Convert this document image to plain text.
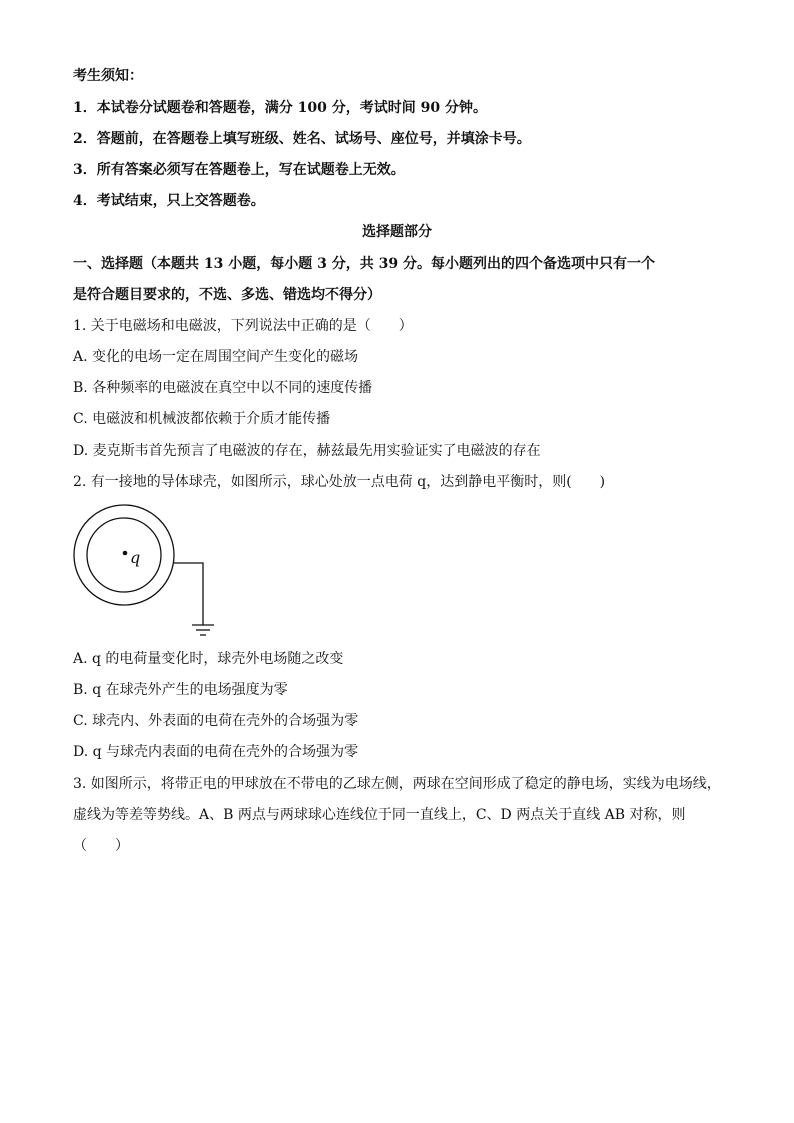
考生须知：
1．本试卷分试题卷和答题卷，满分 100 分，考试时间 90 分钟。
2．答题前，在答题卷上填写班级、姓名、试场号、座位号，并填涂卡号。
3．所有答案必须写在答题卷上，写在试题卷上无效。
4．考试结束，只上交答题卷。
选择题部分
一、选择题（本题共 13 小题，每小题 3 分，共 39 分。每小题列出的四个备选项中只有一个
是符合题目要求的，不选、多选、错选均不得分）
1. 关于电磁场和电磁波，下列说法中正确的是（　　）
A. 变化的电场一定在周围空间产生变化的磁场
B. 各种频率的电磁波在真空中以不同的速度传播
C. 电磁波和机械波都依赖于介质才能传播
D. 麦克斯韦首先预言了电磁波的存在，赫兹最先用实验证实了电磁波的存在
2. 有一接地的导体球壳，如图所示，球心处放一点电荷 q，达到静电平衡时，则(　　)
q
A. q 的电荷量变化时，球壳外电场随之改变
B. q 在球壳外产生的电场强度为零
C. 球壳内、外表面的电荷在壳外的合场强为零
D. q 与球壳内表面的电荷在壳外的合场强为零
3. 如图所示，将带正电的甲球放在不带电的乙球左侧，两球在空间形成了稳定的静电场，实线为电场线，
虚线为等差等势线。A、B 两点与两球球心连线位于同一直线上，C、D 两点关于直线 AB 对称，则
（　　）
